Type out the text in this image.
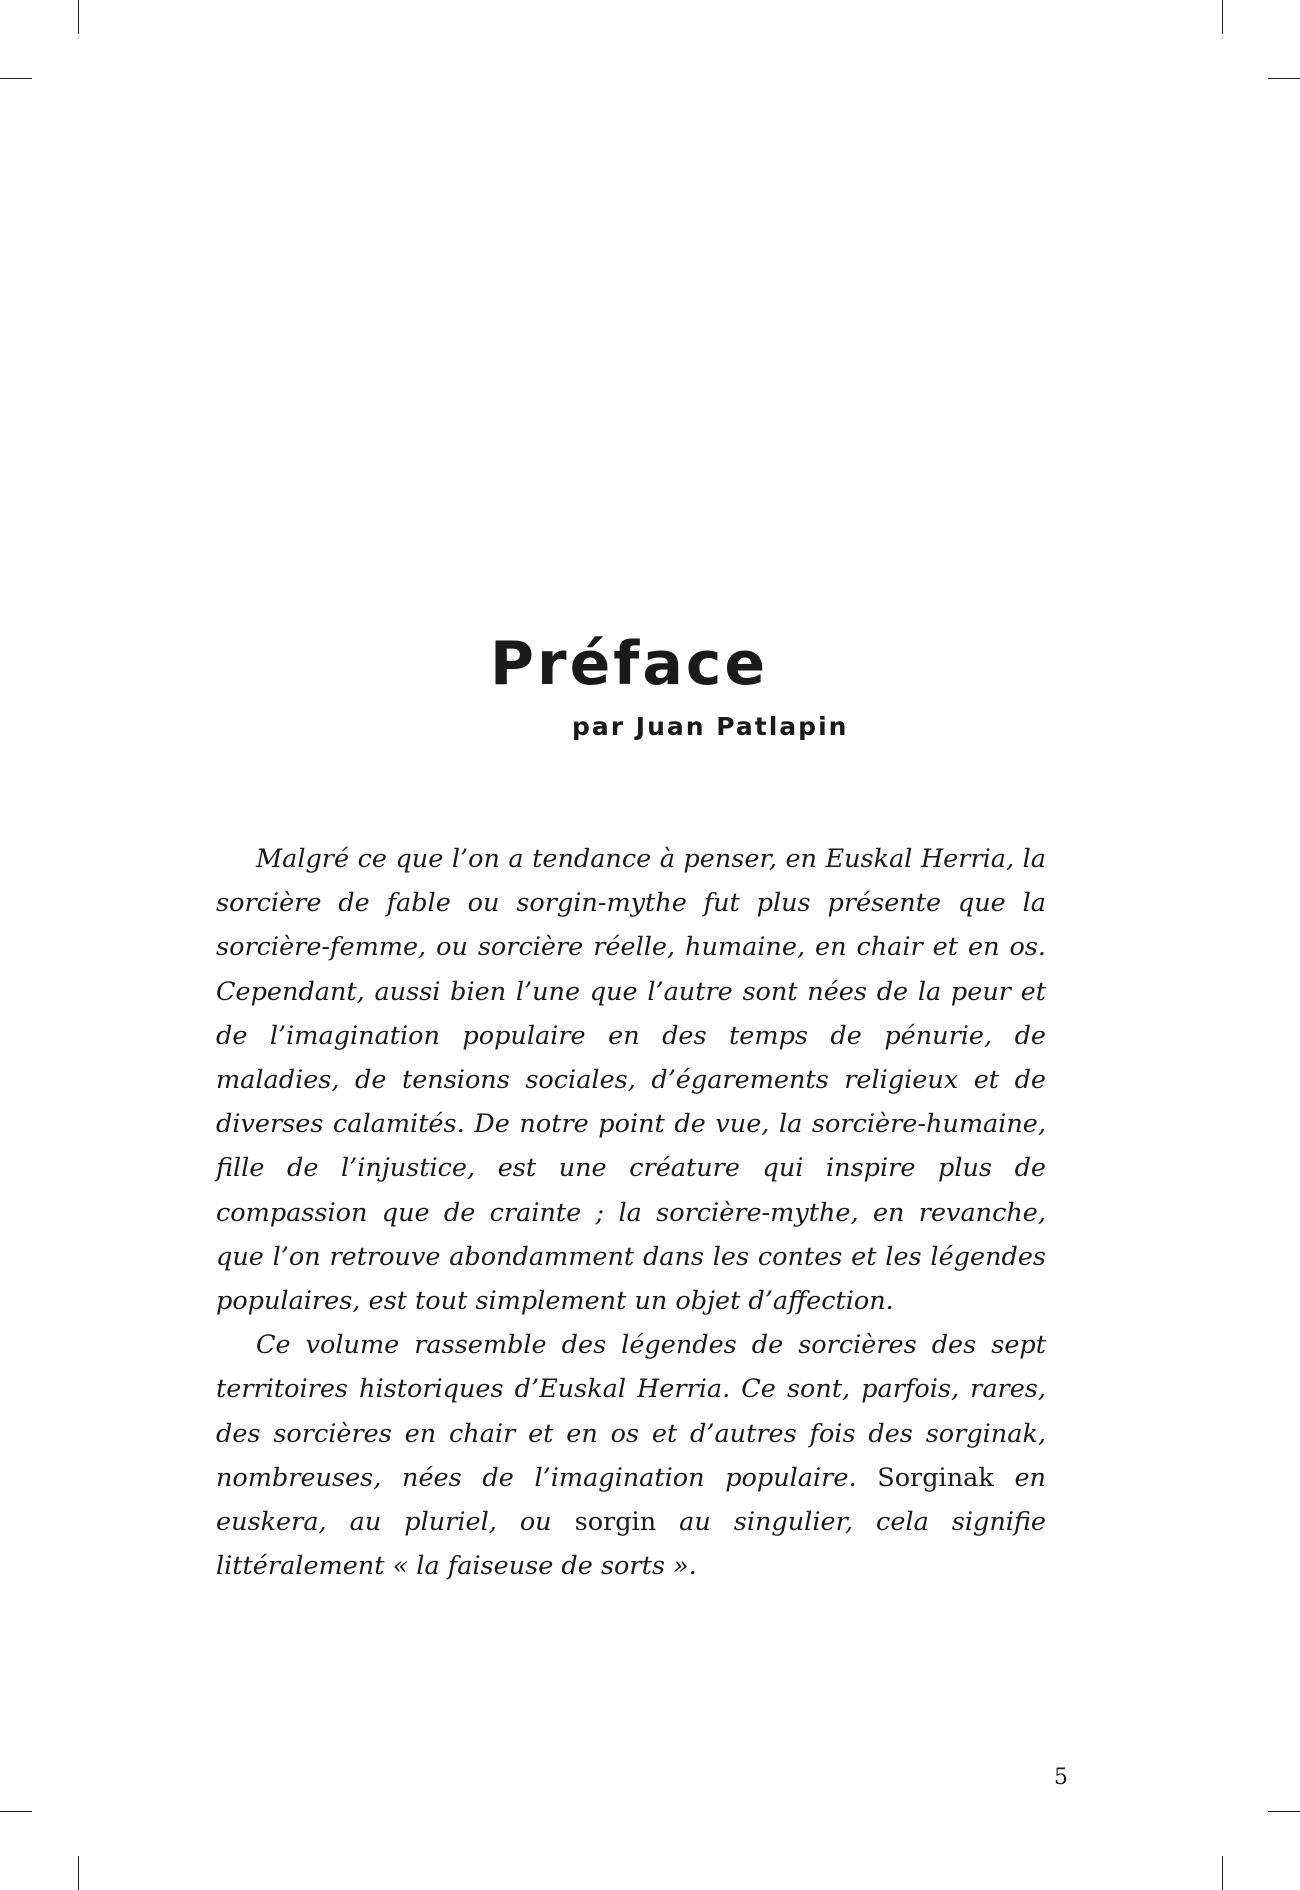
Préface
par Juan Patlapin

Malgré ce que l’on a tendance à penser, en Euskal Herria, la sorcière de fable ou sorgin-mythe fut plus présente que la sorcière-femme, ou sorcière réelle, humaine, en chair et en os. Cependant, aussi bien l’une que l’autre sont nées de la peur et de l’imagination populaire en des temps de pénurie, de maladies, de tensions sociales, d’égarements religieux et de diverses calamités. De notre point de vue, la sorcière-humaine, fille de l’injustice, est une créature qui inspire plus de compassion que de crainte ; la sorcière-mythe, en revanche, que l’on retrouve abondamment dans les contes et les légendes populaires, est tout simplement un objet d’affection.

Ce volume rassemble des légendes de sorcières des sept territoires historiques d’Euskal Herria. Ce sont, parfois, rares, des sorcières en chair et en os et d’autres fois des sorginak, nombreuses, nées de l’imagination populaire. Sorginak en euskera, au pluriel, ou sorgin au singulier, cela signifie littéralement « la faiseuse de sorts ».

5
